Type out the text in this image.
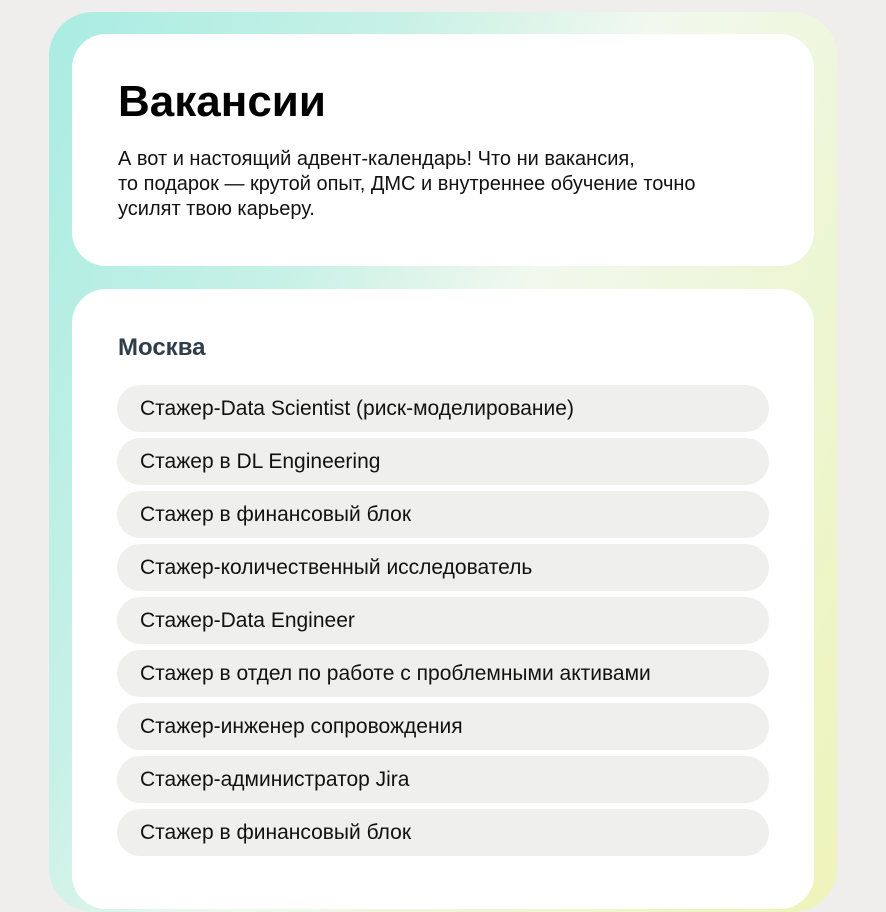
Вакансии

А вот и настоящий адвент-календарь! Что ни вакансия,
то подарок — крутой опыт, ДМС и внутреннее обучение точно
усилят твою карьеру.

Москва
Стажер-Data Scientist (риск-моделирование)
Стажер в DL Engineering
Стажер в финансовый блок
Стажер-количественный исследователь
Стажер-Data Engineer
Стажер в отдел по работе с проблемными активами
Стажер-инженер сопровождения
Стажер-администратор Jira
Стажер в финансовый блок
